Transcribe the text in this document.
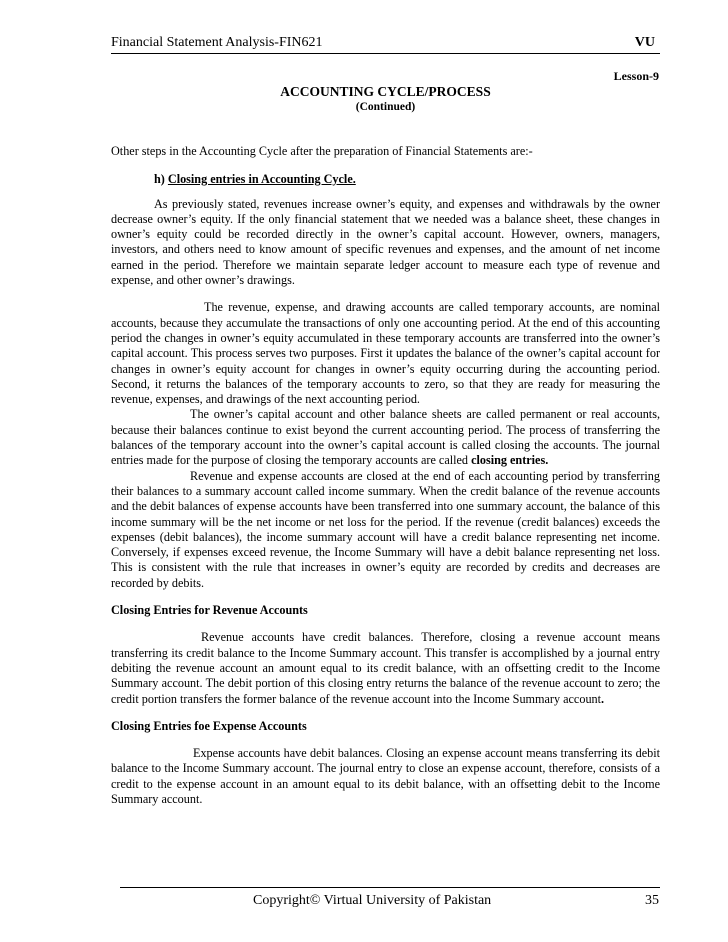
Financial Statement Analysis-FIN621	VU
Lesson-9
ACCOUNTING CYCLE/PROCESS
(Continued)

Other steps in the Accounting Cycle after the preparation of Financial Statements are:-

h) Closing entries in Accounting Cycle.

As previously stated, revenues increase owner’s equity, and expenses and withdrawals by the owner decrease owner’s equity. If the only financial statement that we needed was a balance sheet, these changes in owner’s equity could be recorded directly in the owner’s capital account. However, owners, managers, investors, and others need to know amount of specific revenues and expenses, and the amount of net income earned in the period. Therefore we maintain separate ledger account to measure each type of revenue and expense, and other owner’s drawings.

The revenue, expense, and drawing accounts are called temporary accounts, are nominal accounts, because they accumulate the transactions of only one accounting period. At the end of this accounting period the changes in owner’s equity accumulated in these temporary accounts are transferred into the owner’s capital account. This process serves two purposes. First it updates the balance of the owner’s capital account for changes in owner’s equity account for changes in owner’s equity occurring during the accounting period. Second, it returns the balances of the temporary accounts to zero, so that they are ready for measuring the revenue, expenses, and drawings of the next accounting period.

The owner’s capital account and other balance sheets are called permanent or real accounts, because their balances continue to exist beyond the current accounting period. The process of transferring the balances of the temporary account into the owner’s capital account is called closing the accounts. The journal entries made for the purpose of closing the temporary accounts are called closing entries.

Revenue and expense accounts are closed at the end of each accounting period by transferring their balances to a summary account called income summary. When the credit balance of the revenue accounts and the debit balances of expense accounts have been transferred into one summary account, the balance of this income summary will be the net income or net loss for the period. If the revenue (credit balances) exceeds the expenses (debit balances), the income summary account will have a credit balance representing net income. Conversely, if expenses exceed revenue, the Income Summary will have a debit balance representing net loss. This is consistent with the rule that increases in owner’s equity are recorded by credits and decreases are recorded by debits.

Closing Entries for Revenue Accounts

Revenue accounts have credit balances. Therefore, closing a revenue account means transferring its credit balance to the Income Summary account. This transfer is accomplished by a journal entry debiting the revenue account an amount equal to its credit balance, with an offsetting credit to the Income Summary account. The debit portion of this closing entry returns the balance of the revenue account to zero; the credit portion transfers the former balance of the revenue account into the Income Summary account.

Closing Entries foe Expense Accounts

Expense accounts have debit balances. Closing an expense account means transferring its debit balance to the Income Summary account. The journal entry to close an expense account, therefore, consists of a credit to the expense account in an amount equal to its debit balance, with an offsetting debit to the Income Summary account.

Copyright© Virtual University of Pakistan	35
